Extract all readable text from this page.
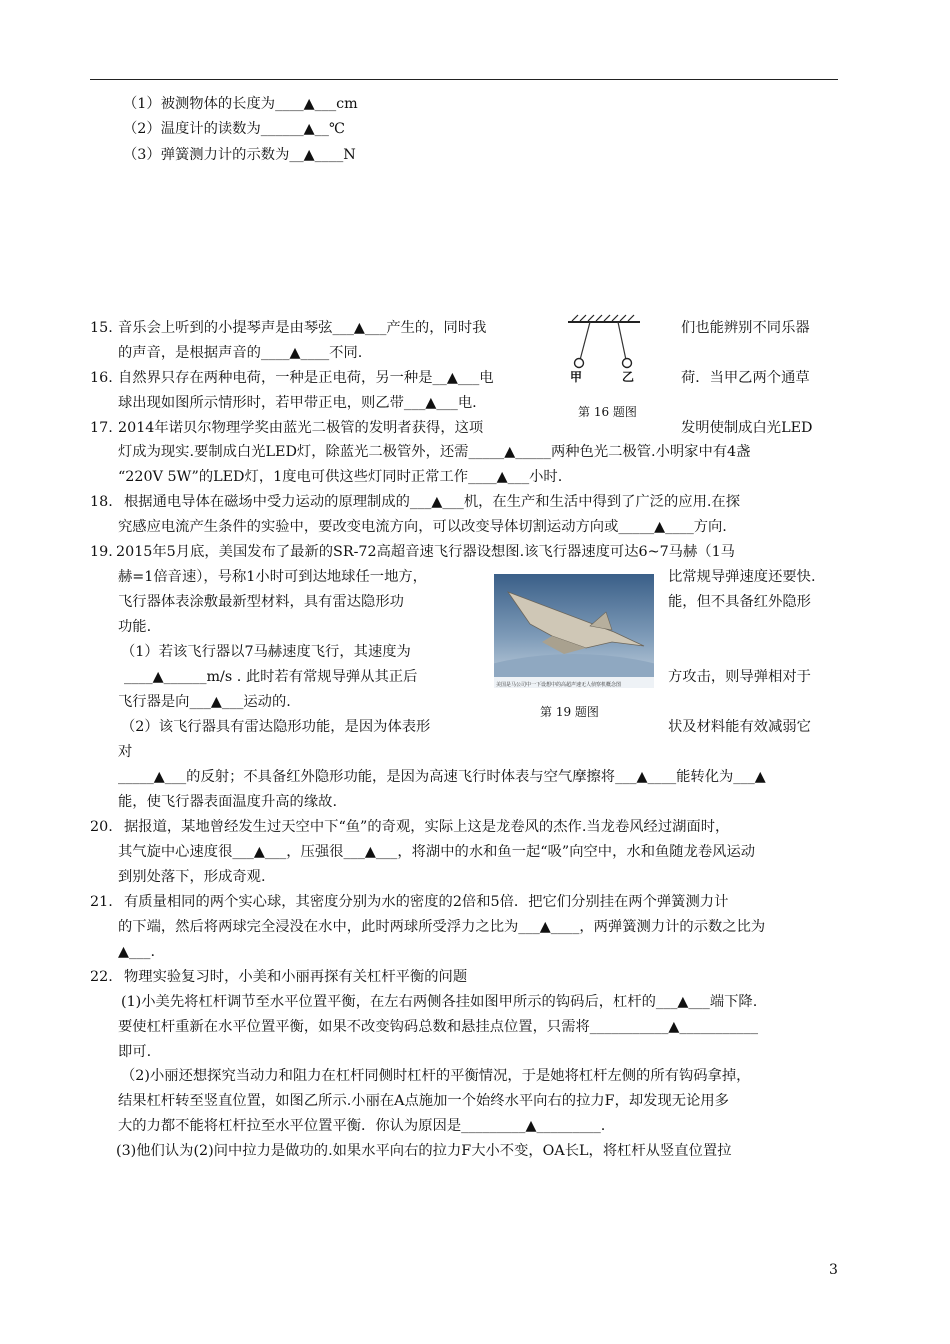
（1）被测物体的长度为____▲___cm
（2）温度计的读数为______▲__℃
（3）弹簧测力计的示数为__▲____N
15. 音乐会上听到的小提琴声是由琴弦___▲___产生的，同时我	们也能辨别不同乐器
的声音，是根据声音的____▲____不同.
甲	乙
第 16 题图
16. 自然界只存在两种电荷，一种是正电荷，另一种是__▲___电	荷．当甲乙两个通草
球出现如图所示情形时，若甲带正电，则乙带___▲___电.
17. 2014年诺贝尔物理学奖由蓝光二极管的发明者获得，这项	发明使制成白光LED
灯成为现实.要制成白光LED灯，除蓝光二极管外，还需_____▲_____两种色光二极管.小明家中有4盏
“220V 5W”的LED灯，1度电可供这些灯同时正常工作____▲___小时.
18. 根据通电导体在磁场中受力运动的原理制成的___▲___机，在生产和生活中得到了广泛的应用.在探
究感应电流产生条件的实验中，要改变电流方向，可以改变导体切割运动方向或_____▲____方向.
19. 2015年5月底，美国发布了最新的SR-72高超音速飞行器设想图.该飞行器速度可达6~7马赫（1马
赫=1倍音速），号称1小时可到达地球任一地方，	比常规导弹速度还要快.
飞行器体表涂敷最新型材料，具有雷达隐形功	能，但不具备红外隐形
功能.
（1）若该飞行器以7马赫速度飞行，其速度为
____▲______m/s . 此时若有常规导弹从其正后	方攻击，则导弹相对于
飞行器是向___▲___运动的.
（2）该飞行器具有雷达隐形功能，是因为体表形	状及材料能有效减弱它
对
_____▲___的反射；不具备红外隐形功能，是因为高速飞行时体表与空气摩擦将___▲____能转化为___▲
能，使飞行器表面温度升高的缘故.
美国是马公司中一下设想中的高超声速无人侦察机概念图
第 19 题图
20. 据报道，某地曾经发生过天空中下“鱼”的奇观，实际上这是龙卷风的杰作.当龙卷风经过湖面时，
其气旋中心速度很___▲___，压强很___▲___，将湖中的水和鱼一起“吸”向空中，水和鱼随龙卷风运动
到别处落下，形成奇观.
21. 有质量相同的两个实心球，其密度分别为水的密度的2倍和5倍．把它们分别挂在两个弹簧测力计
的下端，然后将两球完全浸没在水中，此时两球所受浮力之比为___▲____，两弹簧测力计的示数之比为
▲___.
22. 物理实验复习时，小美和小丽再探有关杠杆平衡的问题
(1)小美先将杠杆调节至水平位置平衡，在左右两侧各挂如图甲所示的钩码后，杠杆的___▲___端下降.
要使杠杆重新在水平位置平衡，如果不改变钩码总数和悬挂点位置，只需将___________▲___________
即可.
（2)小丽还想探究当动力和阻力在杠杆同侧时杠杆的平衡情况，于是她将杠杆左侧的所有钩码拿掉，
结果杠杆转至竖直位置，如图乙所示.小丽在A点施加一个始终水平向右的拉力F，却发现无论用多
大的力都不能将杠杆拉至水平位置平衡．你认为原因是_________▲_________.
(3)他们认为(2)问中拉力是做功的.如果水平向右的拉力F大小不变，OA长L，将杠杆从竖直位置拉
3
